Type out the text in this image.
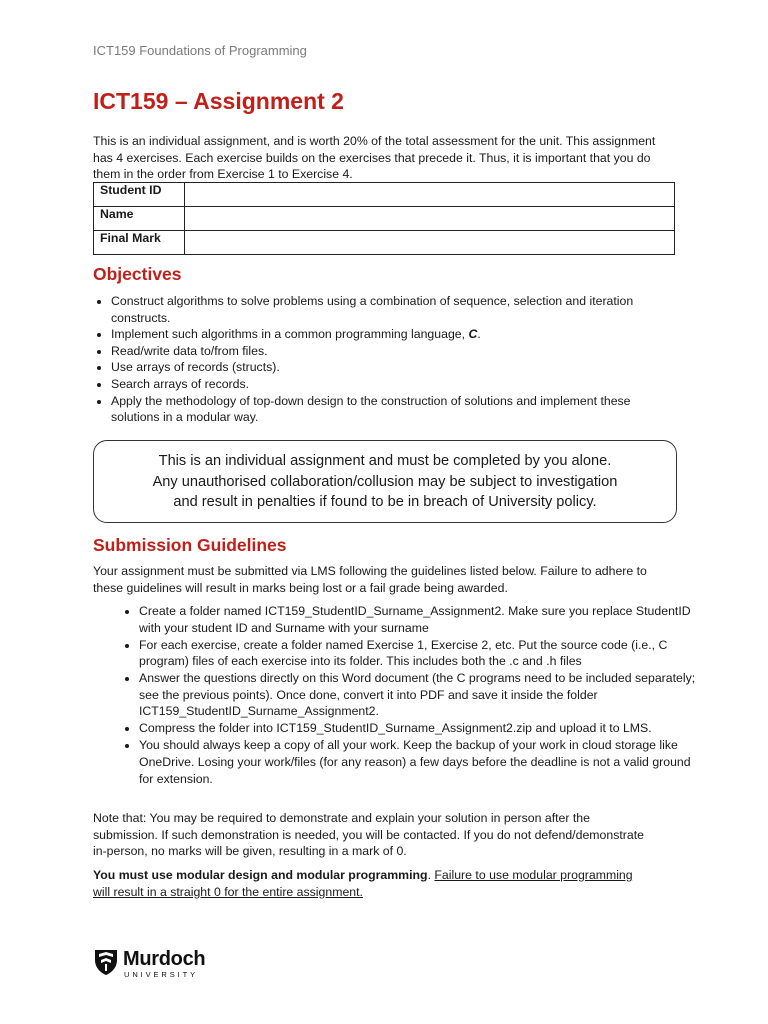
ICT159 Foundations of Programming
ICT159 – Assignment 2

This is an individual assignment, and is worth 20% of the total assessment for the unit. This assignment has 4 exercises. Each exercise builds on the exercises that precede it. Thus, it is important that you do them in the order from Exercise 1 to Exercise 4.

Student ID	
Name	
Final Mark	
Objectives
• Construct algorithms to solve problems using a combination of sequence, selection and iteration constructs.
• Implement such algorithms in a common programming language, C.
• Read/write data to/from files.
• Use arrays of records (structs).
• Search arrays of records.
• Apply the methodology of top-down design to the construction of solutions and implement these solutions in a modular way.
This is an individual assignment and must be completed by you alone.
Any unauthorised collaboration/collusion may be subject to investigation
and result in penalties if found to be in breach of University policy.
Submission Guidelines

Your assignment must be submitted via LMS following the guidelines listed below. Failure to adhere to these guidelines will result in marks being lost or a fail grade being awarded.

• Create a folder named ICT159_StudentID_Surname_Assignment2. Make sure you replace StudentID with your student ID and Surname with your surname
• For each exercise, create a folder named Exercise 1, Exercise 2, etc. Put the source code (i.e., C program) files of each exercise into its folder. This includes both the .c and .h files
• Answer the questions directly on this Word document (the C programs need to be included separately; see the previous points). Once done, convert it into PDF and save it inside the folder ICT159_StudentID_Surname_Assignment2.
• Compress the folder into ICT159_StudentID_Surname_Assignment2.zip and upload it to LMS.
• You should always keep a copy of all your work. Keep the backup of your work in cloud storage like OneDrive. Losing your work/files (for any reason) a few days before the deadline is not a valid ground for extension.

Note that: You may be required to demonstrate and explain your solution in person after the submission. If such demonstration is needed, you will be contacted. If you do not defend/demonstrate in-person, no marks will be given, resulting in a mark of 0.

You must use modular design and modular programming. Failure to use modular programming will result in a straight 0 for the entire assignment.

Murdoch
UNIVERSITY
